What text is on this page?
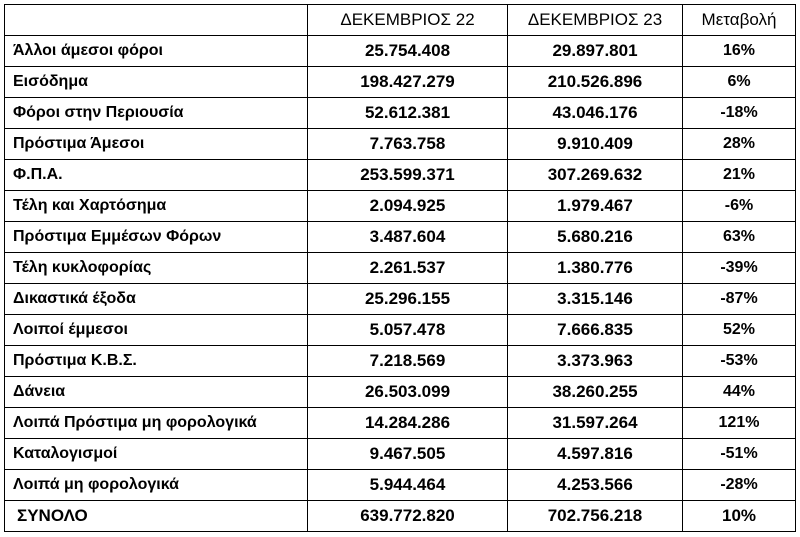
	ΔΕΚΕΜΒΡΙΟΣ 22	ΔΕΚΕΜΒΡΙΟΣ 23	Μεταβολή
Άλλοι άμεσοι φόροι	25.754.408	29.897.801	16%
Εισόδημα	198.427.279	210.526.896	6%
Φόροι στην Περιουσία	52.612.381	43.046.176	-18%
Πρόστιμα Άμεσοι	7.763.758	9.910.409	28%
Φ.Π.Α.	253.599.371	307.269.632	21%
Τέλη και Χαρτόσημα	2.094.925	1.979.467	-6%
Πρόστιμα Εμμέσων Φόρων	3.487.604	5.680.216	63%
Τέλη κυκλοφορίας	2.261.537	1.380.776	-39%
Δικαστικά έξοδα	25.296.155	3.315.146	-87%
Λοιποί έμμεσοι	5.057.478	7.666.835	52%
Πρόστιμα Κ.Β.Σ.	7.218.569	3.373.963	-53%
Δάνεια	26.503.099	38.260.255	44%
Λοιπά Πρόστιμα μη φορολογικά	14.284.286	31.597.264	121%
Καταλογισμοί	9.467.505	4.597.816	-51%
Λοιπά μη φορολογικά	5.944.464	4.253.566	-28%
ΣΥΝΟΛΟ	639.772.820	702.756.218	10%
